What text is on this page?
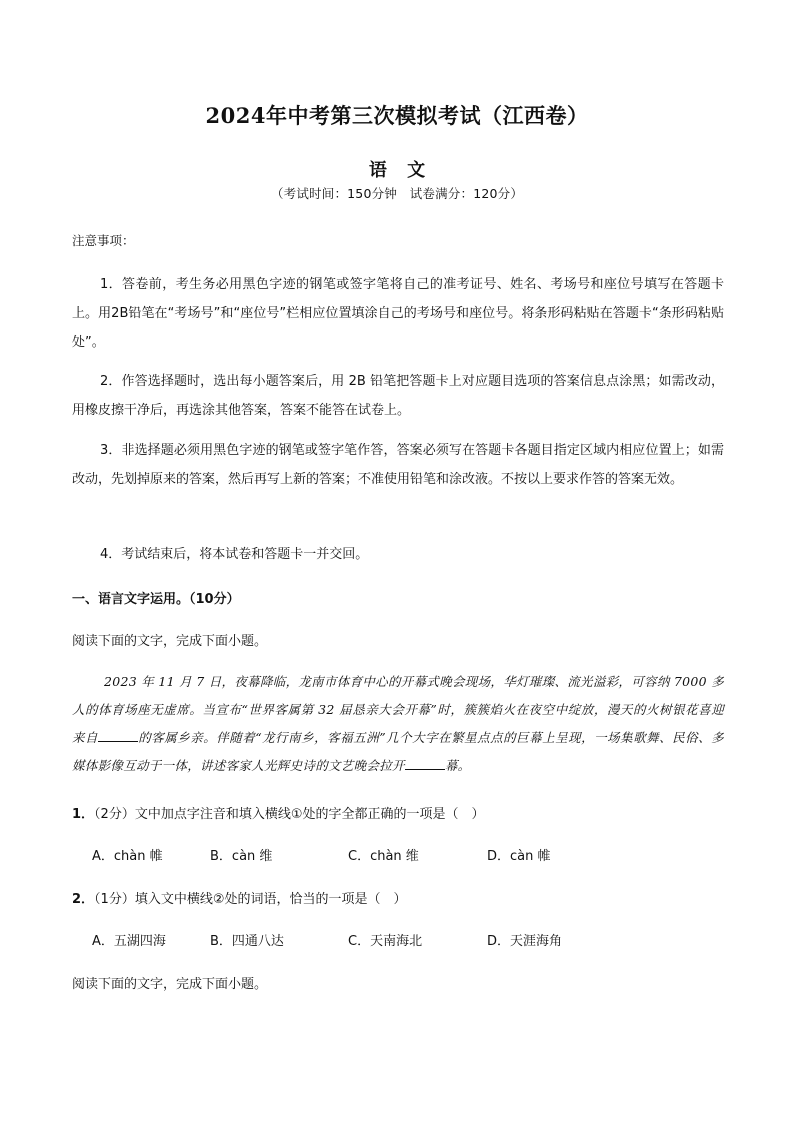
2024年中考第三次模拟考试（江西卷）
语 文
（考试时间：150分钟　试卷满分：120分）
注意事项：
1．答卷前，考生务必用黑色字迹的钢笔或签字笔将自己的准考证号、姓名、考场号和座位号填写在答题卡上。用2B铅笔在“考场号”和“座位号”栏相应位置填涂自己的考场号和座位号。将条形码粘贴在答题卡“条形码粘贴处”。
2．作答选择题时，选出每小题答案后，用 2B 铅笔把答题卡上对应题目选项的答案信息点涂黑；如需改动，用橡皮擦干净后，再选涂其他答案，答案不能答在试卷上。
3．非选择题必须用黑色字迹的钢笔或签字笔作答，答案必须写在答题卡各题目指定区域内相应位置上；如需改动，先划掉原来的答案，然后再写上新的答案；不准使用铅笔和涂改液。不按以上要求作答的答案无效。
4．考试结束后，将本试卷和答题卡一并交回。
一、语言文字运用。（10分）
阅读下面的文字，完成下面小题。
2023 年 11 月 7 日，夜幕降临，龙南市体育中心的开幕式晚会现场，华灯璀璨、流光溢彩，可容纳 7000 多人的体育场座无虚席。当宣布“世界客属第 32 届恳亲大会开幕”时，簇簇焰火在夜空中绽放，漫天的火树银花喜迎来自	的客属乡亲。伴随着“龙行南乡，客福五洲”几个大字在繁星点点的巨幕上呈现，一场集歌舞、民俗、多媒体影像互动于一体，讲述客家人光辉史诗的文艺晚会拉开	幕。
1．（2分）文中加点字注音和填入横线①处的字全都正确的一项是（　）
A．chàn 帷	B．càn 维	C．chàn 维	D．càn 帷
2．（1分）填入文中横线②处的词语，恰当的一项是（　）
A．五湖四海	B．四通八达	C．天南海北	D．天涯海角
阅读下面的文字，完成下面小题。
